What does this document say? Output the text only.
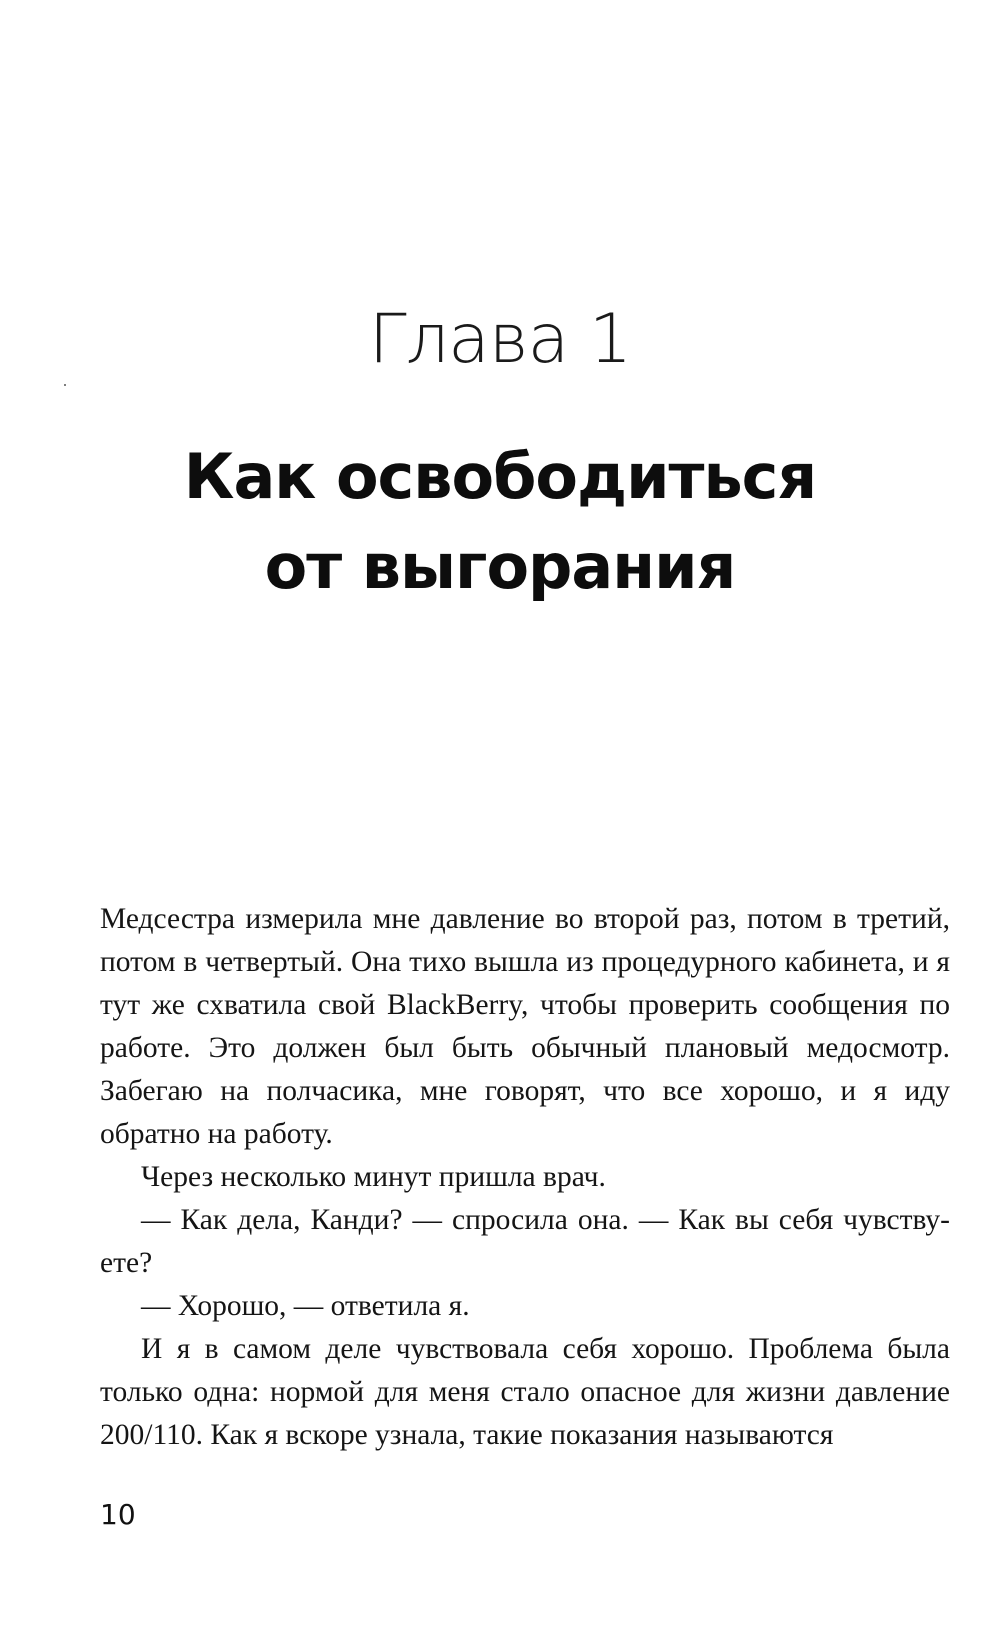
Глава 1
Как освободиться
от выгорания

Медсестра измерила мне давление во второй раз, потом в третий, потом в четвертый. Она тихо вышла из процедурного кабинета, и я тут же схватила свой BlackBerry, чтобы проверить сообщения по работе. Это должен был быть обычный плановый медосмотр. Забегаю на полчасика, мне говорят, что все хорошо, и я иду обратно на работу.

Через несколько минут пришла врач.

— Как дела, Канди? — спросила она. — Как вы себя чувствуете?

— Хорошо, — ответила я.

И я в самом деле чувствовала себя хорошо. Проблема была только одна: нормой для меня стало опасное для жизни давление 200/110. Как я вскоре узнала, такие показания называются

10
